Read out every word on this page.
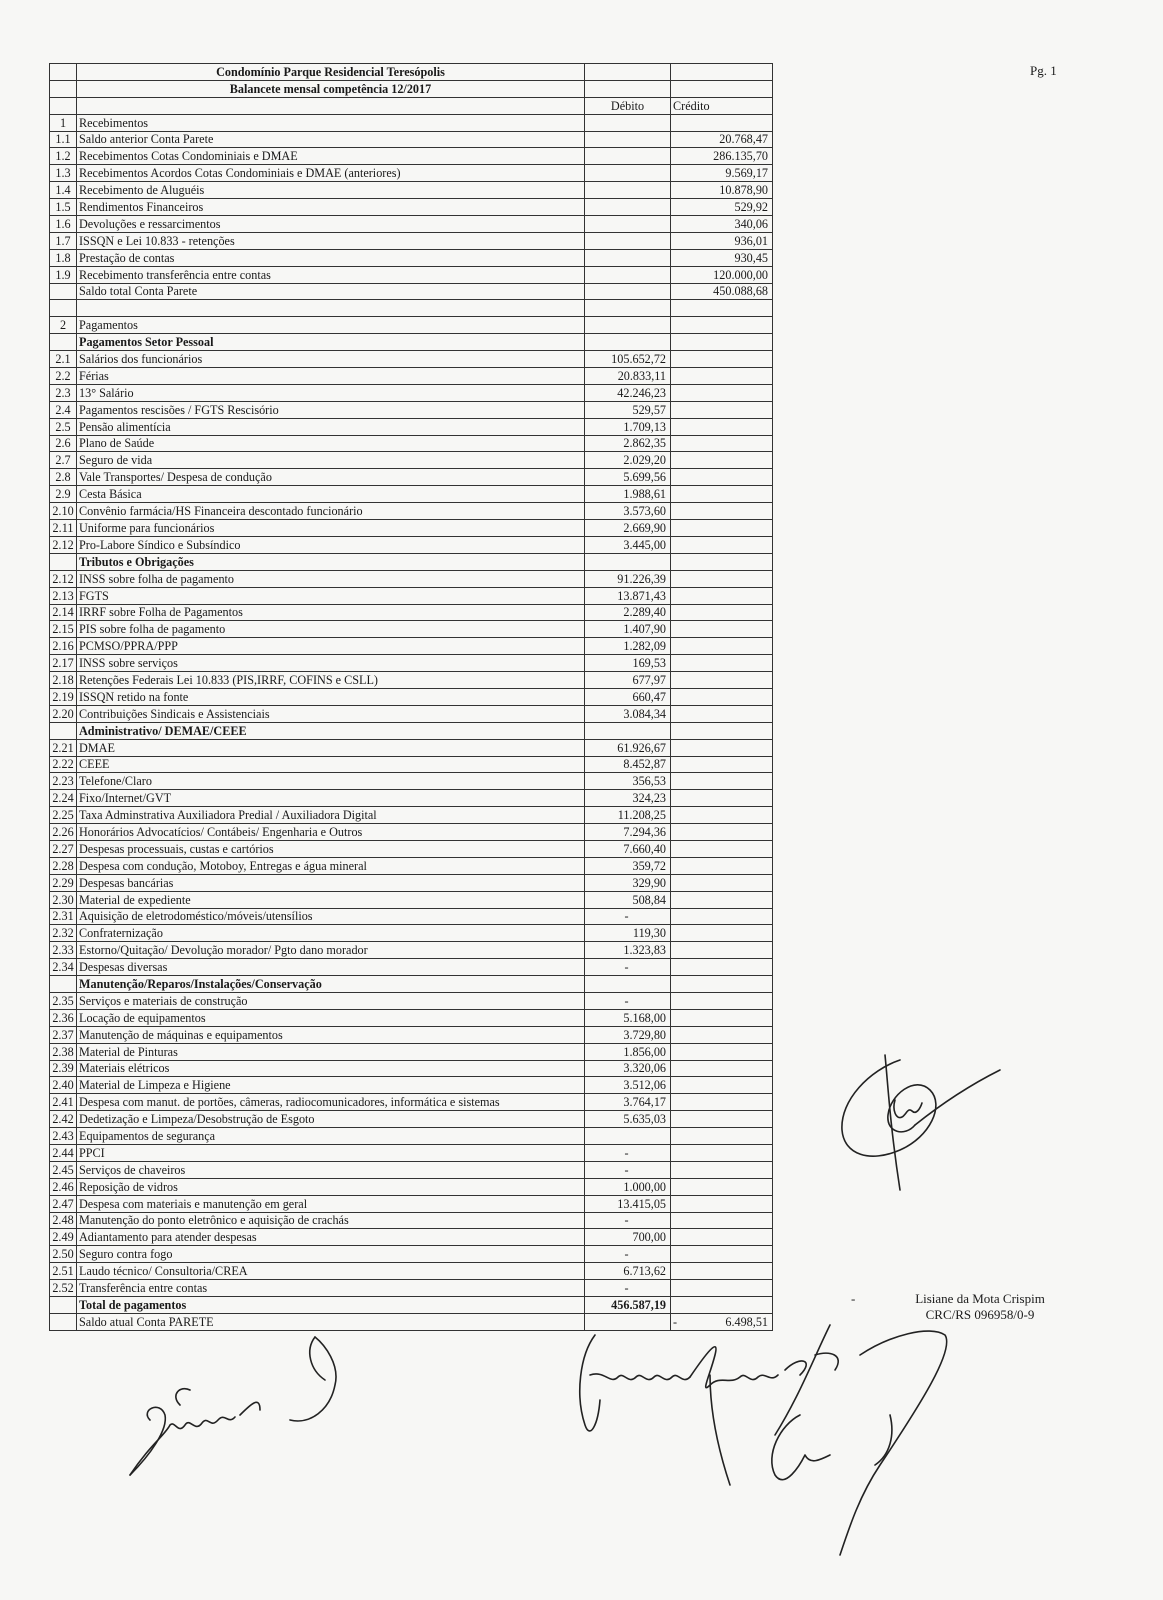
Pg. 1
	Condomínio Parque Residencial Teresópolis		
	Balancete mensal competência 12/2017		
		Débito	Crédito
1	Recebimentos		
1.1	Saldo anterior Conta Parete		20.768,47
1.2	Recebimentos Cotas Condominiais e DMAE		286.135,70
1.3	Recebimentos Acordos Cotas Condominiais e DMAE (anteriores)		9.569,17
1.4	Recebimento de Aluguéis		10.878,90
1.5	Rendimentos Financeiros		529,92
1.6	Devoluções e ressarcimentos		340,06
1.7	ISSQN e Lei 10.833 - retenções		936,01
1.8	Prestação de contas		930,45
1.9	Recebimento transferência entre contas		120.000,00
	Saldo total Conta Parete		450.088,68

2	Pagamentos		
	Pagamentos Setor Pessoal		
2.1	Salários dos funcionários	105.652,72	
2.2	Férias	20.833,11	
2.3	13° Salário	42.246,23	
2.4	Pagamentos rescisões / FGTS Rescisório	529,57	
2.5	Pensão alimentícia	1.709,13	
2.6	Plano de Saúde	2.862,35	
2.7	Seguro de vida	2.029,20	
2.8	Vale Transportes/ Despesa de condução	5.699,56	
2.9	Cesta Básica	1.988,61	
2.10	Convênio farmácia/HS Financeira descontado funcionário	3.573,60	
2.11	Uniforme para funcionários	2.669,90	
2.12	Pro-Labore Síndico e Subsíndico	3.445,00	
	Tributos e Obrigações		
2.12	INSS sobre folha de pagamento	91.226,39	
2.13	FGTS	13.871,43	
2.14	IRRF sobre Folha de Pagamentos	2.289,40	
2.15	PIS sobre folha de pagamento	1.407,90	
2.16	PCMSO/PPRA/PPP	1.282,09	
2.17	INSS sobre serviços	169,53	
2.18	Retenções Federais Lei 10.833 (PIS,IRRF, COFINS e CSLL)	677,97	
2.19	ISSQN retido na fonte	660,47	
2.20	Contribuições Sindicais e Assistenciais	3.084,34	
	Administrativo/ DEMAE/CEEE		
2.21	DMAE	61.926,67	
2.22	CEEE	8.452,87	
2.23	Telefone/Claro	356,53	
2.24	Fixo/Internet/GVT	324,23	
2.25	Taxa Adminstrativa Auxiliadora Predial / Auxiliadora Digital	11.208,25	
2.26	Honorários Advocatícios/ Contábeis/ Engenharia e Outros	7.294,36	
2.27	Despesas processuais, custas e cartórios	7.660,40	
2.28	Despesa com condução, Motoboy, Entregas e água mineral	359,72	
2.29	Despesas bancárias	329,90	
2.30	Material de expediente	508,84	
2.31	Aquisição de eletrodoméstico/móveis/utensílios	-	
2.32	Confraternização	119,30	
2.33	Estorno/Quitação/ Devolução morador/ Pgto dano morador	1.323,83	
2.34	Despesas diversas	-	
	Manutenção/Reparos/Instalações/Conservação		
2.35	Serviços e materiais de construção	-	
2.36	Locação de equipamentos	5.168,00	
2.37	Manutenção de máquinas e equipamentos	3.729,80	
2.38	Material de Pinturas	1.856,00	
2.39	Materiais elétricos	3.320,06	
2.40	Material de Limpeza e Higiene	3.512,06	
2.41	Despesa com manut. de portões, câmeras, radiocomunicadores, informática e sistemas	3.764,17	
2.42	Dedetização e Limpeza/Desobstrução de Esgoto	5.635,03	
2.43	Equipamentos de segurança		
2.44	PPCI	-	
2.45	Serviços de chaveiros	-	
2.46	Reposição de vidros	1.000,00	
2.47	Despesa com materiais e manutenção em geral	13.415,05	
2.48	Manutenção do ponto eletrônico e aquisição de crachás	-	
2.49	Adiantamento para atender despesas	700,00	
2.50	Seguro contra fogo	-	
2.51	Laudo técnico/ Consultoria/CREA	6.713,62	
2.52	Transferência entre contas	-	
	Total de pagamentos	456.587,19	
	Saldo atual Conta PARETE		- 6.498,51
-	Lisiane da Mota Crispim
CRC/RS 096958/0-9
